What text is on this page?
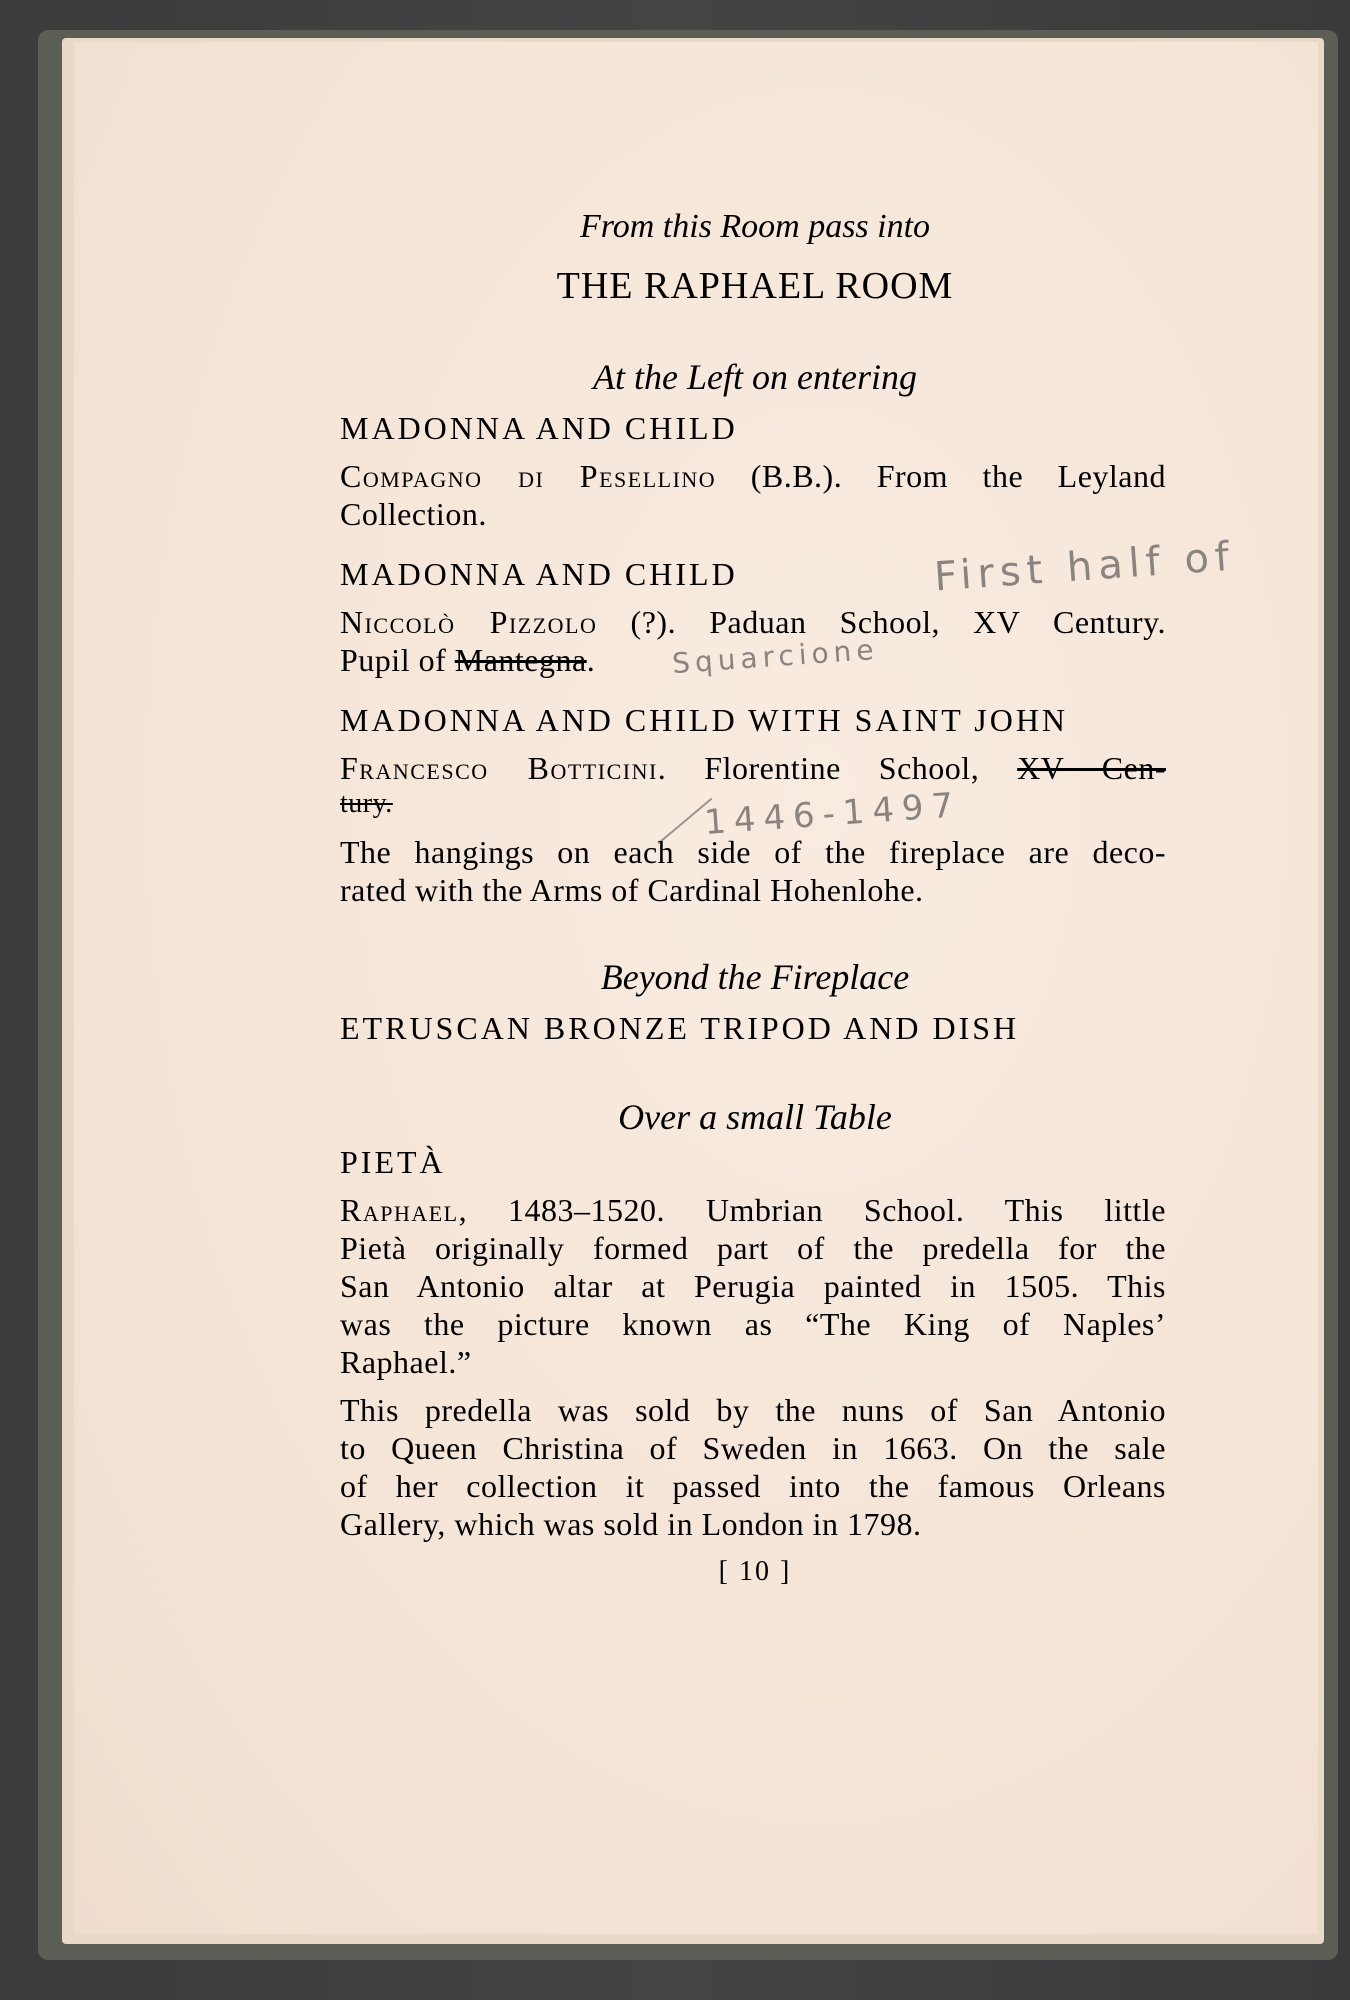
From this Room pass into
THE RAPHAEL ROOM
At the Left on entering
MADONNA AND CHILD
Compagno di Pesellino (B.B.). From the Leyland
Collection.
MADONNA AND CHILD	First half of
Niccolò Pizzolo (?). Paduan School, XV Century.
Pupil of Mantegna.	Squarcione
MADONNA AND CHILD WITH SAINT JOHN
Francesco Botticini. Florentine School, XV Cen-
tury.	1446-1497
The hangings on each side of the fireplace are deco-
rated with the Arms of Cardinal Hohenlohe.
Beyond the Fireplace
ETRUSCAN BRONZE TRIPOD AND DISH
Over a small Table
PIETÀ
Raphael, 1483–1520. Umbrian School. This little
Pietà originally formed part of the predella for the
San Antonio altar at Perugia painted in 1505. This
was the picture known as “The King of Naples’
Raphael.”
This predella was sold by the nuns of San Antonio
to Queen Christina of Sweden in 1663. On the sale
of her collection it passed into the famous Orleans
Gallery, which was sold in London in 1798.
[ 10 ]
